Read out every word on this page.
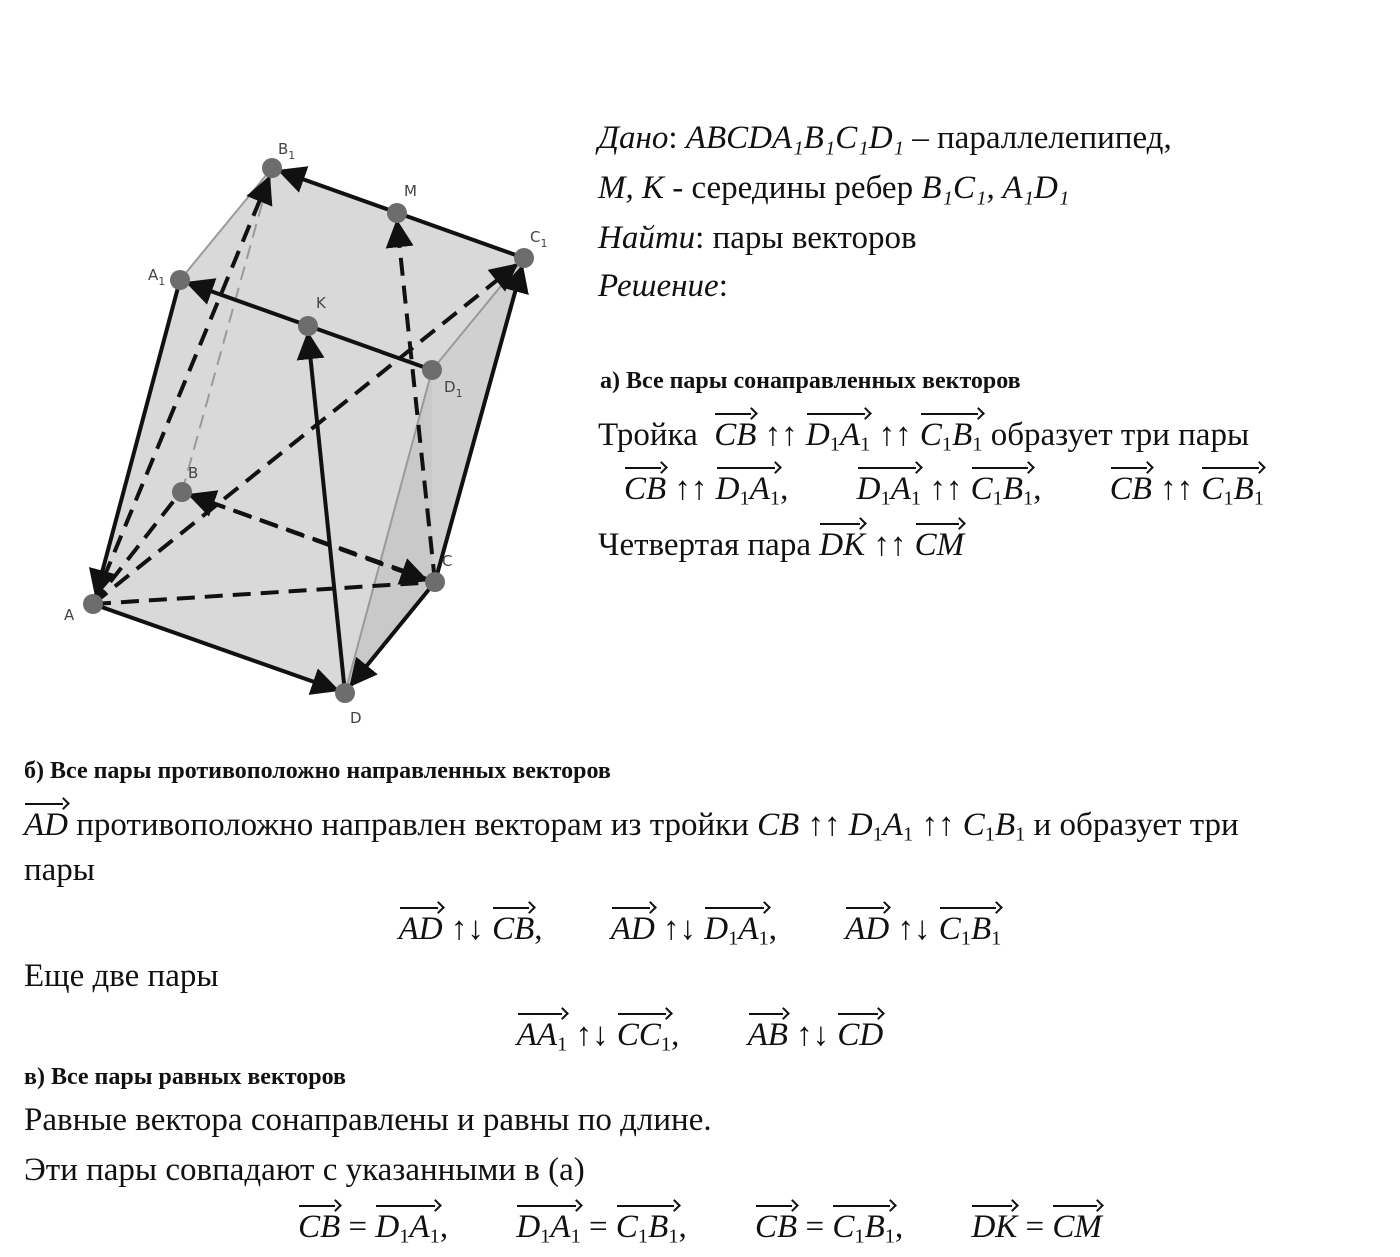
A
B
C
D
$A_1$
$B_1$
$C_1$
$D_1$
K
M
Дано: ABCDA₁B₁C₁D₁ – параллелепипед,
M, K - середины ребер B₁C₁, A₁D₁
Найти: пары векторов
Решение:
а) Все пары сонаправленных векторов
Тройка CB ↑↑ $D_1A_1$ ↑↑ $C_1B_1$ образует три пары
CB ↑↑ $D_1A_1$, $D_1A_1$ ↑↑ $C_1B_1$, CB ↑↑ $C_1B_1$
Четвертая пара DK ↑↑ CM
б) Все пары противоположно направленных векторов
AD противоположно направлен векторам из тройки CB ↑↑ $D_1A_1$ ↑↑ $C_1B_1$ и образует три
пары
AD ↑↓ CB, AD ↑↓ $D_1A_1$, AD ↑↓ $C_1B_1$
Еще две пары
$AA_1$ ↑↓ $CC_1$, AB ↑↓ CD
в) Все пары равных векторов
Равные вектора сонаправлены и равны по длине.
Эти пары совпадают с указанными в (а)
CB = $D_1A_1$, $D_1A_1 = C_1B_1$, CB = $C_1B_1$, DK = CM
